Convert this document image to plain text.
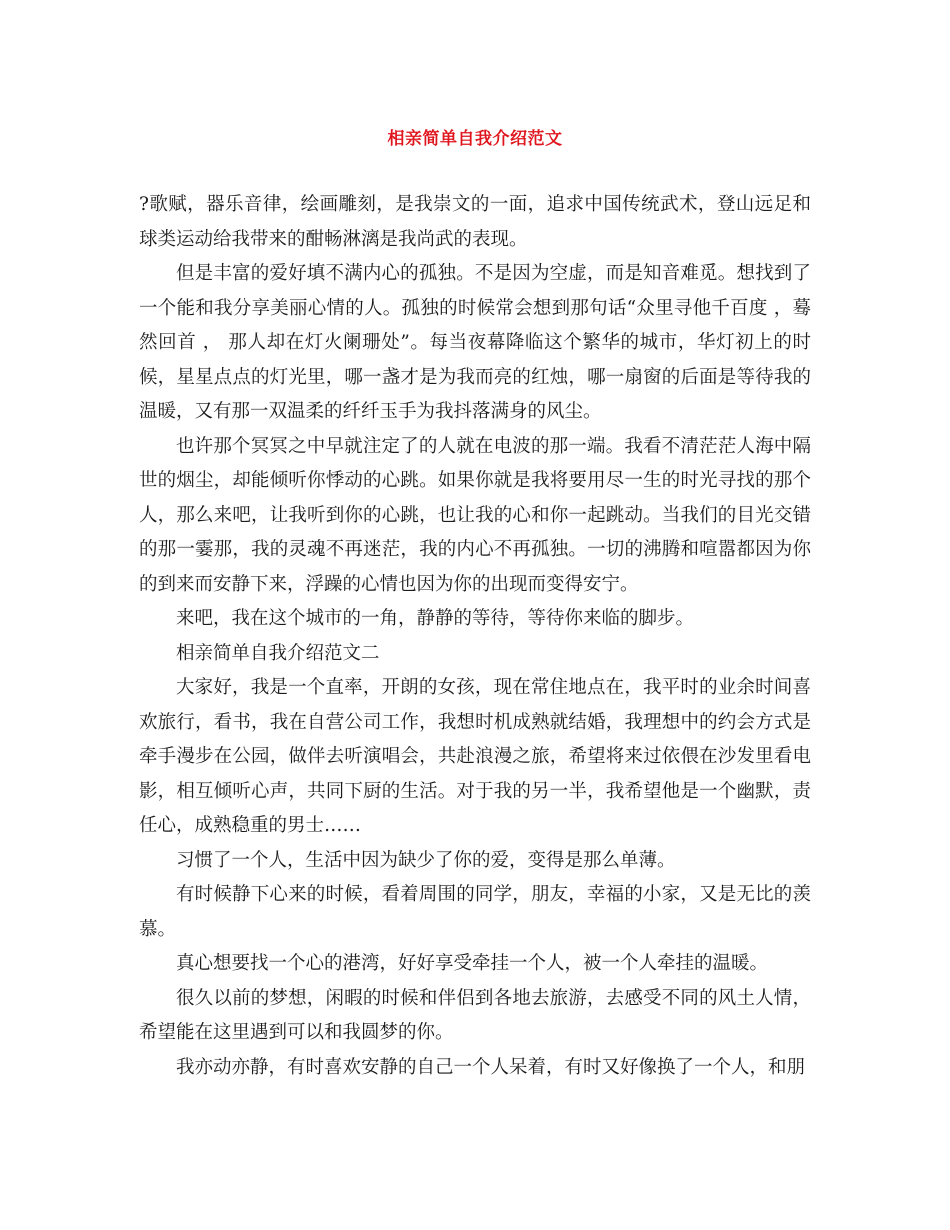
相亲简单自我介绍范文

?歌赋，器乐音律，绘画雕刻，是我崇文的一面，追求中国传统武术，登山远足和球类运动给我带来的酣畅淋漓是我尚武的表现。

但是丰富的爱好填不满内心的孤独。不是因为空虚，而是知音难觅。想找到了一个能和我分享美丽心情的人。孤独的时候常会想到那句话“众里寻他千百度 ，蓦然回首 ， 那人却在灯火阑珊处”。每当夜幕降临这个繁华的城市，华灯初上的时候，星星点点的灯光里，哪一盏才是为我而亮的红烛，哪一扇窗的后面是等待我的温暖，又有那一双温柔的纤纤玉手为我抖落满身的风尘。

也许那个冥冥之中早就注定了的人就在电波的那一端。我看不清茫茫人海中隔世的烟尘，却能倾听你悸动的心跳。如果你就是我将要用尽一生的时光寻找的那个人，那么来吧，让我听到你的心跳，也让我的心和你一起跳动。当我们的目光交错的那一霎那，我的灵魂不再迷茫，我的内心不再孤独。一切的沸腾和喧嚣都因为你的到来而安静下来，浮躁的心情也因为你的出现而变得安宁。

来吧，我在这个城市的一角，静静的等待，等待你来临的脚步。

相亲简单自我介绍范文二

大家好，我是一个直率，开朗的女孩，现在常住地点在，我平时的业余时间喜欢旅行，看书，我在自营公司工作，我想时机成熟就结婚，我理想中的约会方式是牵手漫步在公园，做伴去听演唱会，共赴浪漫之旅，希望将来过依偎在沙发里看电影，相互倾听心声，共同下厨的生活。对于我的另一半，我希望他是一个幽默，责任心，成熟稳重的男士……

习惯了一个人，生活中因为缺少了你的爱，变得是那么单薄。

有时候静下心来的时候，看着周围的同学，朋友，幸福的小家，又是无比的羡慕。

真心想要找一个心的港湾，好好享受牵挂一个人，被一个人牵挂的温暖。

很久以前的梦想，闲暇的时候和伴侣到各地去旅游，去感受不同的风土人情，希望能在这里遇到可以和我圆梦的你。

我亦动亦静，有时喜欢安静的自己一个人呆着，有时又好像换了一个人，和朋
